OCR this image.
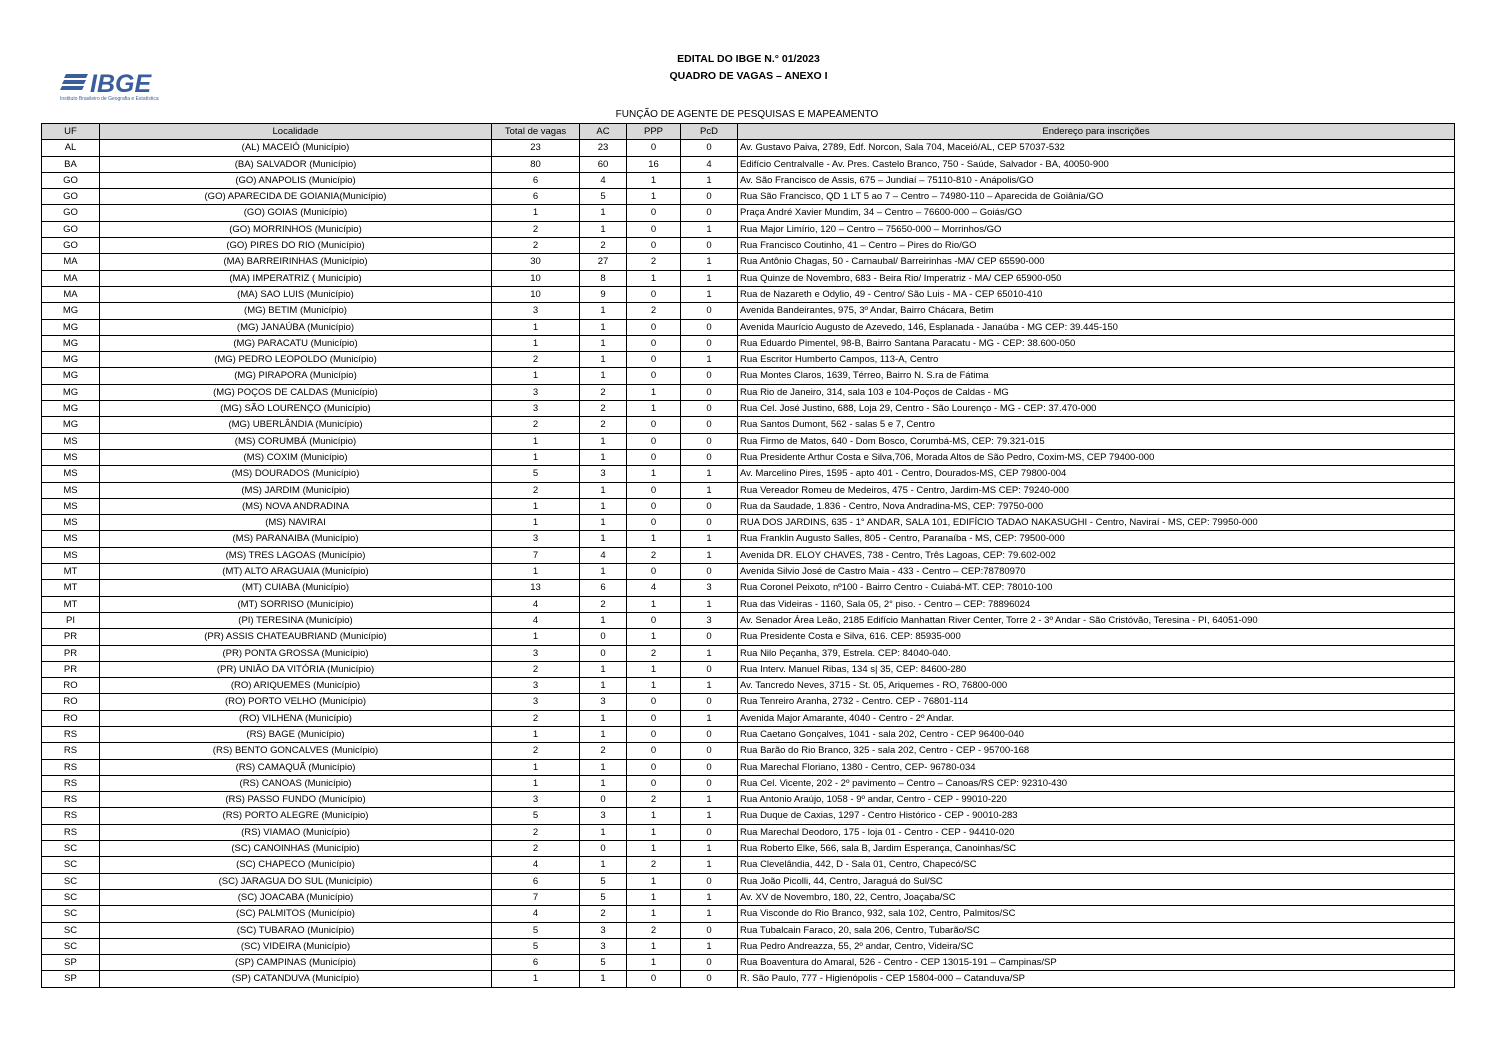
IBGE
Instituto Brasileiro de Geografia e Estatística
EDITAL DO IBGE N.° 01/2023
QUADRO DE VAGAS – ANEXO I
FUNÇÃO DE AGENTE DE PESQUISAS E MAPEAMENTO
UF	Localidade	Total de vagas	AC	PPP	PcD	Endereço para inscrições
AL	(AL) MACEIÓ (Município)	23	23	0	0	Av. Gustavo Paiva, 2789, Edf. Norcon, Sala 704, Maceió/AL, CEP 57037-532
BA	(BA) SALVADOR (Município)	80	60	16	4	Edifício Centralvalle - Av. Pres. Castelo Branco, 750 - Saúde, Salvador - BA, 40050-900
GO	(GO) ANAPOLIS (Município)	6	4	1	1	Av. São Francisco de Assis, 675 – Jundiaí – 75110-810 - Anápolis/GO
GO	(GO) APARECIDA DE GOIANIA(Município)	6	5	1	0	Rua São Francisco, QD 1 LT 5 ao 7 – Centro – 74980-110 – Aparecida de Goiânia/GO
GO	(GO) GOIAS (Município)	1	1	0	0	Praça André Xavier Mundim, 34 – Centro – 76600-000 – Goiás/GO
GO	(GO) MORRINHOS (Município)	2	1	0	1	Rua Major Limírio, 120 – Centro – 75650-000 – Morrinhos/GO
GO	(GO) PIRES DO RIO (Município)	2	2	0	0	Rua Francisco Coutinho, 41 – Centro – Pires do Rio/GO
MA	(MA) BARREIRINHAS (Município)	30	27	2	1	Rua Antônio Chagas, 50 - Carnaubal/ Barreirinhas -MA/ CEP 65590-000
MA	(MA) IMPERATRIZ ( Município)	10	8	1	1	Rua Quinze de Novembro, 683 - Beira Rio/ Imperatriz - MA/ CEP 65900-050
MA	(MA) SAO LUIS (Município)	10	9	0	1	Rua de Nazareth e Odylio, 49 - Centro/ São Luis - MA - CEP 65010-410
MG	(MG) BETIM (Município)	3	1	2	0	Avenida Bandeirantes, 975, 3º Andar, Bairro Chácara, Betim
MG	(MG) JANAÚBA (Município)	1	1	0	0	Avenida Maurício Augusto de Azevedo, 146, Esplanada - Janaúba - MG CEP: 39.445-150
MG	(MG) PARACATU (Município)	1	1	0	0	Rua Eduardo Pimentel, 98-B, Bairro Santana Paracatu - MG - CEP: 38.600-050
MG	(MG) PEDRO LEOPOLDO (Município)	2	1	0	1	Rua Escritor Humberto Campos, 113-A, Centro
MG	(MG) PIRAPORA (Município)	1	1	0	0	Rua Montes Claros, 1639, Térreo, Bairro N. S.ra de Fátima
MG	(MG) POÇOS DE CALDAS (Município)	3	2	1	0	Rua Rio de Janeiro, 314, sala 103 e 104-Poços de Caldas - MG
MG	(MG) SÃO LOURENÇO (Município)	3	2	1	0	Rua Cel. José Justino, 688, Loja 29, Centro - São Lourenço - MG - CEP: 37.470-000
MG	(MG) UBERLÂNDIA (Município)	2	2	0	0	Rua Santos Dumont, 562 - salas 5 e 7, Centro
MS	(MS) CORUMBÁ (Município)	1	1	0	0	Rua Firmo de Matos, 640 - Dom Bosco, Corumbá-MS, CEP: 79.321-015
MS	(MS) COXIM (Município)	1	1	0	0	Rua Presidente Arthur Costa e Silva,706, Morada Altos de São Pedro, Coxim-MS, CEP 79400-000
MS	(MS) DOURADOS (Município)	5	3	1	1	Av. Marcelino Pires, 1595 - apto 401 - Centro, Dourados-MS, CEP 79800-004
MS	(MS) JARDIM (Município)	2	1	0	1	Rua Vereador Romeu de Medeiros, 475 - Centro, Jardim-MS CEP: 79240-000
MS	(MS) NOVA ANDRADINA	1	1	0	0	Rua da Saudade, 1.836 - Centro, Nova Andradina-MS, CEP: 79750-000
MS	(MS) NAVIRAI	1	1	0	0	RUA DOS JARDINS, 635 - 1° ANDAR, SALA 101, EDIFÍCIO TADAO NAKASUGHI - Centro, Naviraí - MS, CEP: 79950-000
MS	(MS) PARANAIBA (Município)	3	1	1	1	Rua Franklin Augusto Salles, 805 - Centro, Paranaíba - MS, CEP: 79500-000
MS	(MS) TRES LAGOAS (Município)	7	4	2	1	Avenida DR. ELOY CHAVES, 738 - Centro, Três Lagoas, CEP: 79.602-002
MT	(MT) ALTO ARAGUAIA (Município)	1	1	0	0	Avenida Silvio José de Castro Maia - 433 - Centro – CEP:78780970
MT	(MT) CUIABA (Município)	13	6	4	3	Rua Coronel Peixoto, nº100 - Bairro Centro - Cuiabá-MT. CEP: 78010-100
MT	(MT) SORRISO (Município)	4	2	1	1	Rua das Videiras - 1160, Sala 05, 2° piso. - Centro – CEP: 78896024
PI	(PI) TERESINA (Município)	4	1	0	3	Av. Senador Área Leão, 2185 Edifício Manhattan River Center, Torre 2 - 3º Andar - São Cristóvão, Teresina - PI, 64051-090
PR	(PR) ASSIS CHATEAUBRIAND (Município)	1	0	1	0	Rua Presidente Costa e Silva, 616. CEP: 85935-000
PR	(PR) PONTA GROSSA (Município)	3	0	2	1	Rua Nilo Peçanha, 379, Estrela. CEP: 84040-040.
PR	(PR) UNIÃO DA VITÓRIA (Município)	2	1	1	0	Rua Interv. Manuel Ribas, 134 s| 35, CEP: 84600-280
RO	(RO) ARIQUEMES (Município)	3	1	1	1	Av. Tancredo Neves, 3715 - St. 05, Ariquemes - RO, 76800-000
RO	(RO) PORTO VELHO (Município)	3	3	0	0	Rua Tenreiro Aranha, 2732 - Centro. CEP - 76801-114
RO	(RO) VILHENA (Município)	2	1	0	1	Avenida Major Amarante, 4040 - Centro - 2º Andar.
RS	(RS) BAGE (Município)	1	1	0	0	Rua Caetano Gonçalves, 1041 - sala 202, Centro - CEP 96400-040
RS	(RS) BENTO GONCALVES (Município)	2	2	0	0	Rua Barão do Rio Branco, 325 - sala 202, Centro - CEP - 95700-168
RS	(RS) CAMAQUÃ (Município)	1	1	0	0	Rua Marechal Floriano, 1380 - Centro, CEP- 96780-034
RS	(RS) CANOAS (Município)	1	1	0	0	Rua Cel. Vicente, 202 - 2º pavimento – Centro – Canoas/RS CEP: 92310-430
RS	(RS) PASSO FUNDO (Município)	3	0	2	1	Rua Antonio Araújo, 1058 - 9º andar, Centro - CEP - 99010-220
RS	(RS) PORTO ALEGRE (Município)	5	3	1	1	Rua Duque de Caxias, 1297 - Centro Histórico - CEP - 90010-283
RS	(RS) VIAMAO (Município)	2	1	1	0	Rua Marechal Deodoro, 175 - loja 01 - Centro - CEP - 94410-020
SC	(SC) CANOINHAS (Município)	2	0	1	1	Rua Roberto Elke, 566, sala B, Jardim Esperança, Canoinhas/SC
SC	(SC) CHAPECO (Município)	4	1	2	1	Rua Clevelândia, 442, D - Sala 01, Centro, Chapecó/SC
SC	(SC) JARAGUA DO SUL (Município)	6	5	1	0	Rua João Picolli, 44, Centro, Jaraguá do Sul/SC
SC	(SC) JOACABA (Município)	7	5	1	1	Av. XV de Novembro, 180, 22, Centro, Joaçaba/SC
SC	(SC) PALMITOS (Município)	4	2	1	1	Rua Visconde do Rio Branco, 932, sala 102, Centro, Palmitos/SC
SC	(SC) TUBARAO (Município)	5	3	2	0	Rua Tubalcain Faraco, 20, sala 206, Centro, Tubarão/SC
SC	(SC) VIDEIRA (Município)	5	3	1	1	Rua Pedro Andreazza, 55, 2º andar, Centro, Videira/SC
SP	(SP) CAMPINAS (Município)	6	5	1	0	Rua Boaventura do Amaral, 526 - Centro - CEP 13015-191 – Campinas/SP
SP	(SP) CATANDUVA (Município)	1	1	0	0	R. São Paulo, 777 - Higienópolis - CEP 15804-000 – Catanduva/SP
